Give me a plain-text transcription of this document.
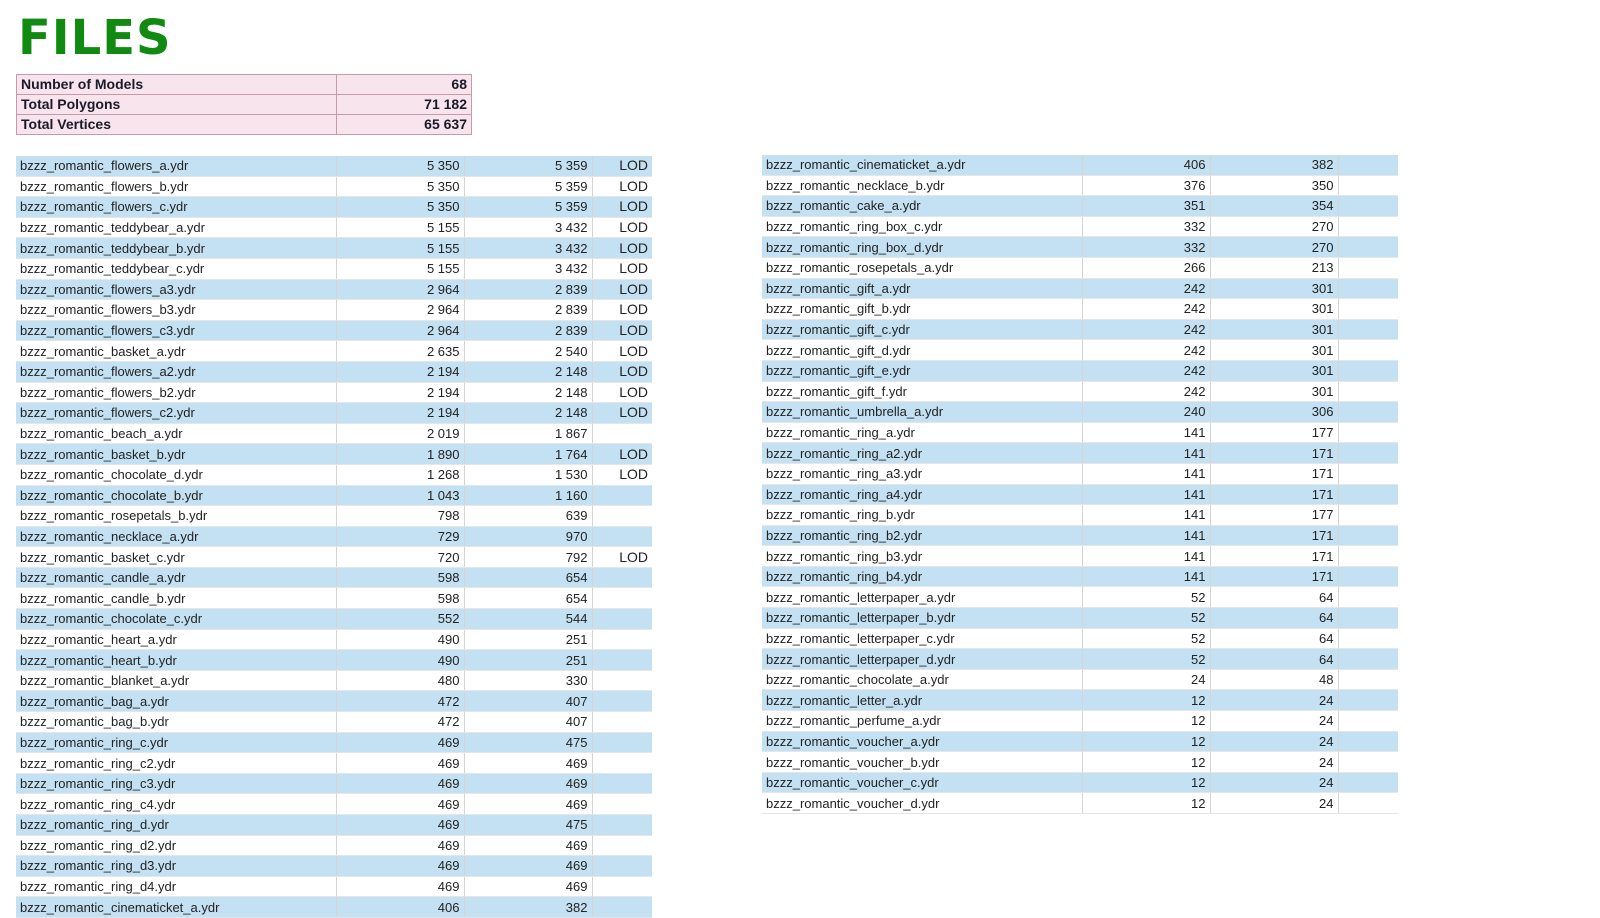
FILES
Number of Models	68
Total Polygons	71 182
Total Vertices	65 637
bzzz_romantic_flowers_a.ydr	5 350	5 359	LOD
bzzz_romantic_flowers_b.ydr	5 350	5 359	LOD
bzzz_romantic_flowers_c.ydr	5 350	5 359	LOD
bzzz_romantic_teddybear_a.ydr	5 155	3 432	LOD
bzzz_romantic_teddybear_b.ydr	5 155	3 432	LOD
bzzz_romantic_teddybear_c.ydr	5 155	3 432	LOD
bzzz_romantic_flowers_a3.ydr	2 964	2 839	LOD
bzzz_romantic_flowers_b3.ydr	2 964	2 839	LOD
bzzz_romantic_flowers_c3.ydr	2 964	2 839	LOD
bzzz_romantic_basket_a.ydr	2 635	2 540	LOD
bzzz_romantic_flowers_a2.ydr	2 194	2 148	LOD
bzzz_romantic_flowers_b2.ydr	2 194	2 148	LOD
bzzz_romantic_flowers_c2.ydr	2 194	2 148	LOD
bzzz_romantic_beach_a.ydr	2 019	1 867	
bzzz_romantic_basket_b.ydr	1 890	1 764	LOD
bzzz_romantic_chocolate_d.ydr	1 268	1 530	LOD
bzzz_romantic_chocolate_b.ydr	1 043	1 160	
bzzz_romantic_rosepetals_b.ydr	798	639	
bzzz_romantic_necklace_a.ydr	729	970	
bzzz_romantic_basket_c.ydr	720	792	LOD
bzzz_romantic_candle_a.ydr	598	654	
bzzz_romantic_candle_b.ydr	598	654	
bzzz_romantic_chocolate_c.ydr	552	544	
bzzz_romantic_heart_a.ydr	490	251	
bzzz_romantic_heart_b.ydr	490	251	
bzzz_romantic_blanket_a.ydr	480	330	
bzzz_romantic_bag_a.ydr	472	407	
bzzz_romantic_bag_b.ydr	472	407	
bzzz_romantic_ring_c.ydr	469	475	
bzzz_romantic_ring_c2.ydr	469	469	
bzzz_romantic_ring_c3.ydr	469	469	
bzzz_romantic_ring_c4.ydr	469	469	
bzzz_romantic_ring_d.ydr	469	475	
bzzz_romantic_ring_d2.ydr	469	469	
bzzz_romantic_ring_d3.ydr	469	469	
bzzz_romantic_ring_d4.ydr	469	469	
bzzz_romantic_cinematicket_a.ydr	406	382	
bzzz_romantic_cinematicket_a.ydr	406	382	
bzzz_romantic_necklace_b.ydr	376	350	
bzzz_romantic_cake_a.ydr	351	354	
bzzz_romantic_ring_box_c.ydr	332	270	
bzzz_romantic_ring_box_d.ydr	332	270	
bzzz_romantic_rosepetals_a.ydr	266	213	
bzzz_romantic_gift_a.ydr	242	301	
bzzz_romantic_gift_b.ydr	242	301	
bzzz_romantic_gift_c.ydr	242	301	
bzzz_romantic_gift_d.ydr	242	301	
bzzz_romantic_gift_e.ydr	242	301	
bzzz_romantic_gift_f.ydr	242	301	
bzzz_romantic_umbrella_a.ydr	240	306	
bzzz_romantic_ring_a.ydr	141	177	
bzzz_romantic_ring_a2.ydr	141	171	
bzzz_romantic_ring_a3.ydr	141	171	
bzzz_romantic_ring_a4.ydr	141	171	
bzzz_romantic_ring_b.ydr	141	177	
bzzz_romantic_ring_b2.ydr	141	171	
bzzz_romantic_ring_b3.ydr	141	171	
bzzz_romantic_ring_b4.ydr	141	171	
bzzz_romantic_letterpaper_a.ydr	52	64	
bzzz_romantic_letterpaper_b.ydr	52	64	
bzzz_romantic_letterpaper_c.ydr	52	64	
bzzz_romantic_letterpaper_d.ydr	52	64	
bzzz_romantic_chocolate_a.ydr	24	48	
bzzz_romantic_letter_a.ydr	12	24	
bzzz_romantic_perfume_a.ydr	12	24	
bzzz_romantic_voucher_a.ydr	12	24	
bzzz_romantic_voucher_b.ydr	12	24	
bzzz_romantic_voucher_c.ydr	12	24	
bzzz_romantic_voucher_d.ydr	12	24	
